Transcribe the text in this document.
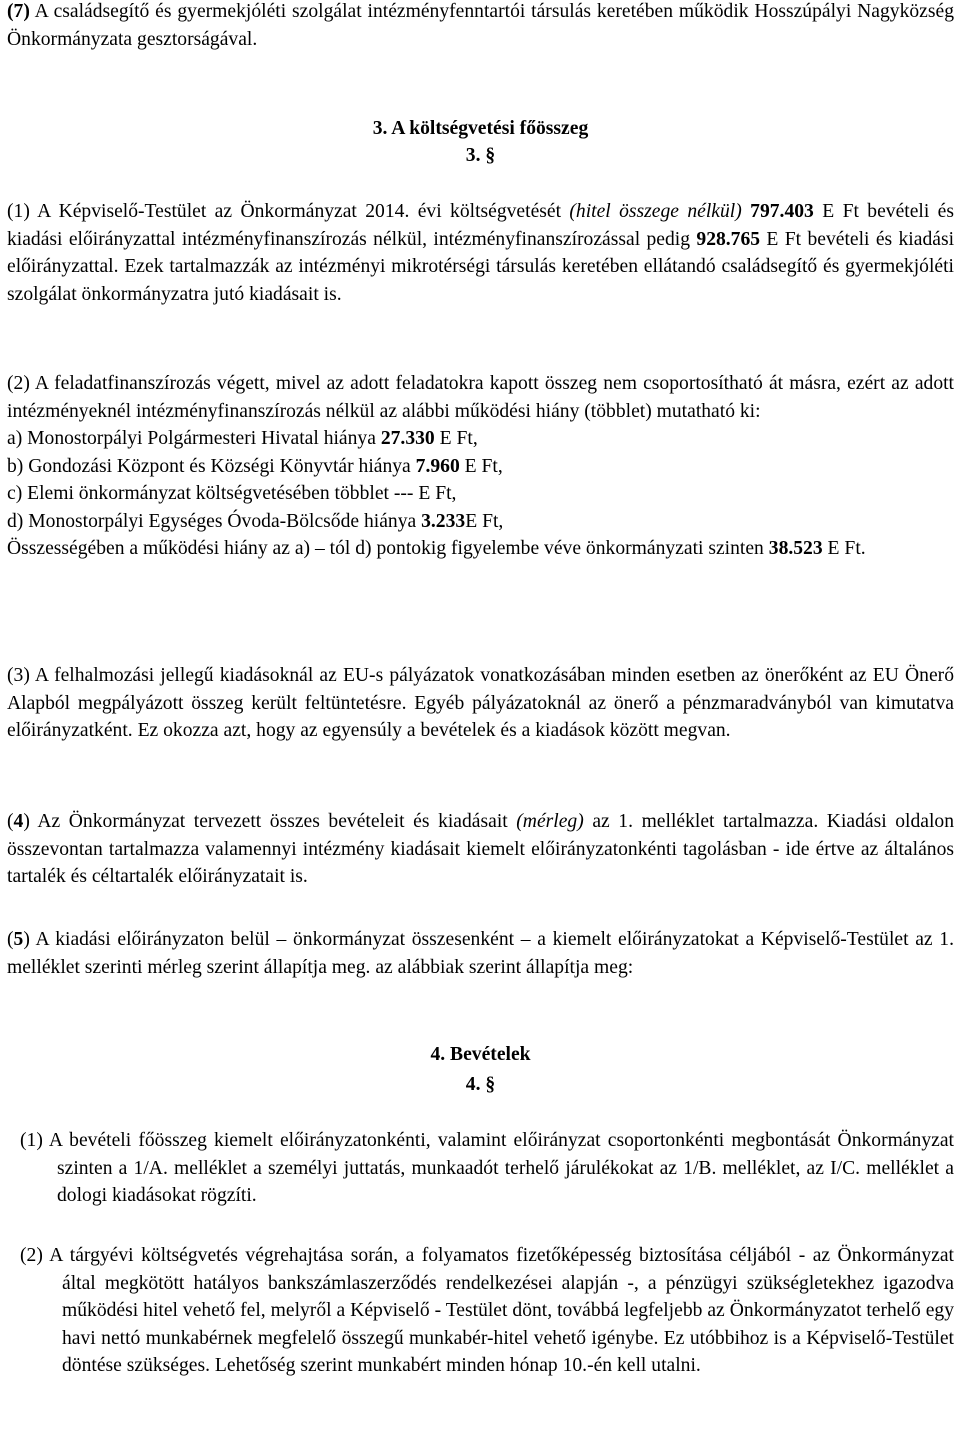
(7) A családsegítő és gyermekjóléti szolgálat intézményfenntartói társulás keretében működik Hosszúpályi Nagyközség Önkormányzata gesztorságával.

3. A költségvetési főösszeg

3. §

(1) A Képviselő-Testület az Önkormányzat 2014. évi költségvetését (hitel összege nélkül) 797.403 E Ft bevételi és kiadási előirányzattal intézményfinanszírozás nélkül, intézményfinanszírozással pedig 928.765 E Ft bevételi és kiadási előirányzattal. Ezek tartalmazzák az intézményi mikrotérségi társulás keretében ellátandó családsegítő és gyermekjóléti szolgálat önkormányzatra jutó kiadásait is.

(2) A feladatfinanszírozás végett, mivel az adott feladatokra kapott összeg nem csoportosítható át másra, ezért az adott intézményeknél intézményfinanszírozás nélkül az alábbi működési hiány (többlet) mutatható ki:

a) Monostorpályi Polgármesteri Hivatal hiánya 27.330 E Ft,

b) Gondozási Központ és Községi Könyvtár hiánya 7.960 E Ft,

c) Elemi önkormányzat költségvetésében többlet --- E Ft,

d) Monostorpályi Egységes Óvoda-Bölcsőde hiánya 3.233E Ft,

Összességében a működési hiány az a) – tól d) pontokig figyelembe véve önkormányzati szinten 38.523 E Ft.

(3) A felhalmozási jellegű kiadásoknál az EU-s pályázatok vonatkozásában minden esetben az önerőként az EU Önerő Alapból megpályázott összeg került feltüntetésre. Egyéb pályázatoknál az önerő a pénzmaradványból van kimutatva előirányzatként. Ez okozza azt, hogy az egyensúly a bevételek és a kiadások között megvan.

(4) Az Önkormányzat tervezett összes bevételeit és kiadásait (mérleg) az 1. melléklet tartalmazza. Kiadási oldalon összevontan tartalmazza valamennyi intézmény kiadásait kiemelt előirányzatonkénti tagolásban - ide értve az általános tartalék és céltartalék előirányzatait is.

(5) A kiadási előirányzaton belül – önkormányzat összesenként – a kiemelt előirányzatokat a Képviselő-Testület az 1. melléklet szerinti mérleg szerint állapítja meg. az alábbiak szerint állapítja meg:

4. Bevételek

4. §

(1) A bevételi főösszeg kiemelt előirányzatonkénti, valamint előirányzat csoportonkénti megbontását Önkormányzat szinten a 1/A. melléklet a személyi juttatás, munkaadót terhelő járulékokat az 1/B. melléklet, az I/C. melléklet a dologi kiadásokat rögzíti.

(2) A tárgyévi költségvetés végrehajtása során, a folyamatos fizetőképesség biztosítása céljából - az Önkormányzat által megkötött hatályos bankszámlaszerződés rendelkezései alapján -, a pénzügyi szükségletekhez igazodva működési hitel vehető fel, melyről a Képviselő - Testület dönt, továbbá legfeljebb az Önkormányzatot terhelő egy havi nettó munkabérnek megfelelő összegű munkabér-hitel vehető igénybe. Ez utóbbihoz is a Képviselő-Testület döntése szükséges. Lehetőség szerint munkabért minden hónap 10.-én kell utalni.
